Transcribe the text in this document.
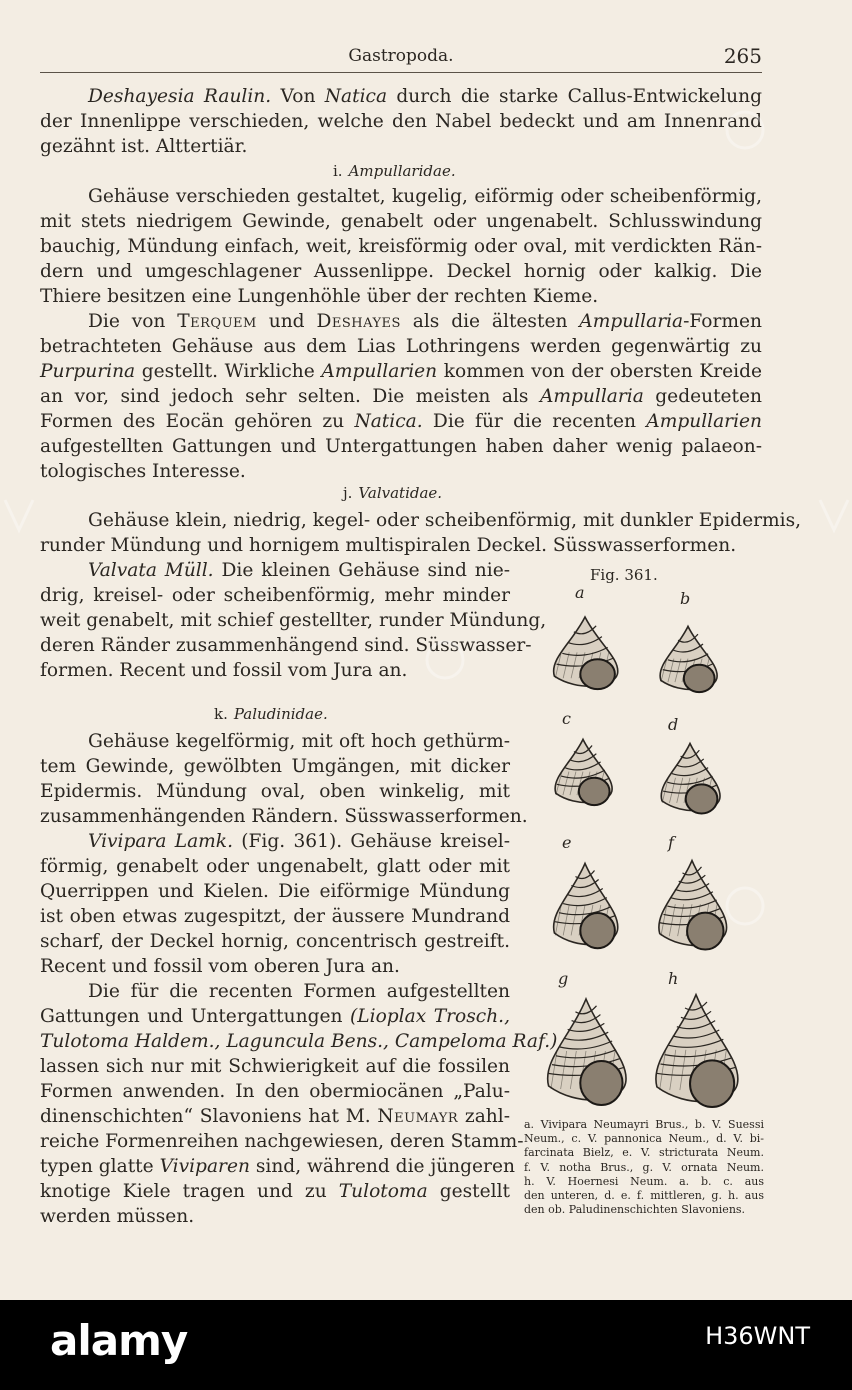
Gastropoda.	265
Deshayesia Raulin. Von Natica durch die starke Callus-Entwickelung
der Innenlippe verschieden, welche den Nabel bedeckt und am Innenrand
gezähnt ist. Alttertiär.
i. Ampullaridae.
Gehäuse verschieden gestaltet, kugelig, eiförmig oder scheibenförmig,
mit stets niedrigem Gewinde, genabelt oder ungenabelt. Schlusswindung
bauchig, Mündung einfach, weit, kreisförmig oder oval, mit verdickten Rän-
dern und umgeschlagener Aussenlippe. Deckel hornig oder kalkig. Die
Thiere besitzen eine Lungenhöhle über der rechten Kieme.
Die von Terquem und Deshayes als die ältesten Ampullaria-Formen
betrachteten Gehäuse aus dem Lias Lothringens werden gegenwärtig zu
Purpurina gestellt. Wirkliche Ampullarien kommen von der obersten Kreide
an vor, sind jedoch sehr selten. Die meisten als Ampullaria gedeuteten
Formen des Eocän gehören zu Natica. Die für die recenten Ampullarien
aufgestellten Gattungen und Untergattungen haben daher wenig palaeon-
tologisches Interesse.
j. Valvatidae.
Gehäuse klein, niedrig, kegel- oder scheibenförmig, mit dunkler Epidermis,
runder Mündung und hornigem multispiralen Deckel. Süsswasserformen.
Valvata Müll. Die kleinen Gehäuse sind nie-
drig, kreisel- oder scheibenförmig, mehr minder
weit genabelt, mit schief gestellter, runder Mündung,
deren Ränder zusammenhängend sind. Süsswasser-
formen. Recent und fossil vom Jura an.
k. Paludinidae.
Gehäuse kegelförmig, mit oft hoch gethürm-
tem Gewinde, gewölbten Umgängen, mit dicker
Epidermis. Mündung oval, oben winkelig, mit
zusammenhängenden Rändern. Süsswasserformen.
Vivipara Lamk. (Fig. 361). Gehäuse kreisel-
förmig, genabelt oder ungenabelt, glatt oder mit
Querrippen und Kielen. Die eiförmige Mündung
ist oben etwas zugespitzt, der äussere Mundrand
scharf, der Deckel hornig, concentrisch gestreift.
Recent und fossil vom oberen Jura an.
Die für die recenten Formen aufgestellten
Gattungen und Untergattungen (Lioplax Trosch.,
Tulotoma Haldem., Laguncula Bens., Campeloma Raf.)
lassen sich nur mit Schwierigkeit auf die fossilen
Formen anwenden. In den obermiocänen „Palu-
dinenschichten“ Slavoniens hat M. Neumayr zahl-
reiche Formenreihen nachgewiesen, deren Stamm-
typen glatte Viviparen sind, während die jüngeren
knotige Kiele tragen und zu Tulotoma gestellt
werden müssen.
Fig. 361.
a	b
c	d
e	f
g	h
a. Vivipara Neumayri Brus., b. V. Suessi
Neum., c. V. pannonica Neum., d. V. bi-
farcinata Bielz, e. V. stricturata Neum.
f. V. notha Brus., g. V. ornata Neum.
h. V. Hoernesi Neum. a. b. c. aus
den unteren, d. e. f. mittleren, g. h. aus
den ob. Paludinenschichten Slavoniens.
alamy	H36WNT
